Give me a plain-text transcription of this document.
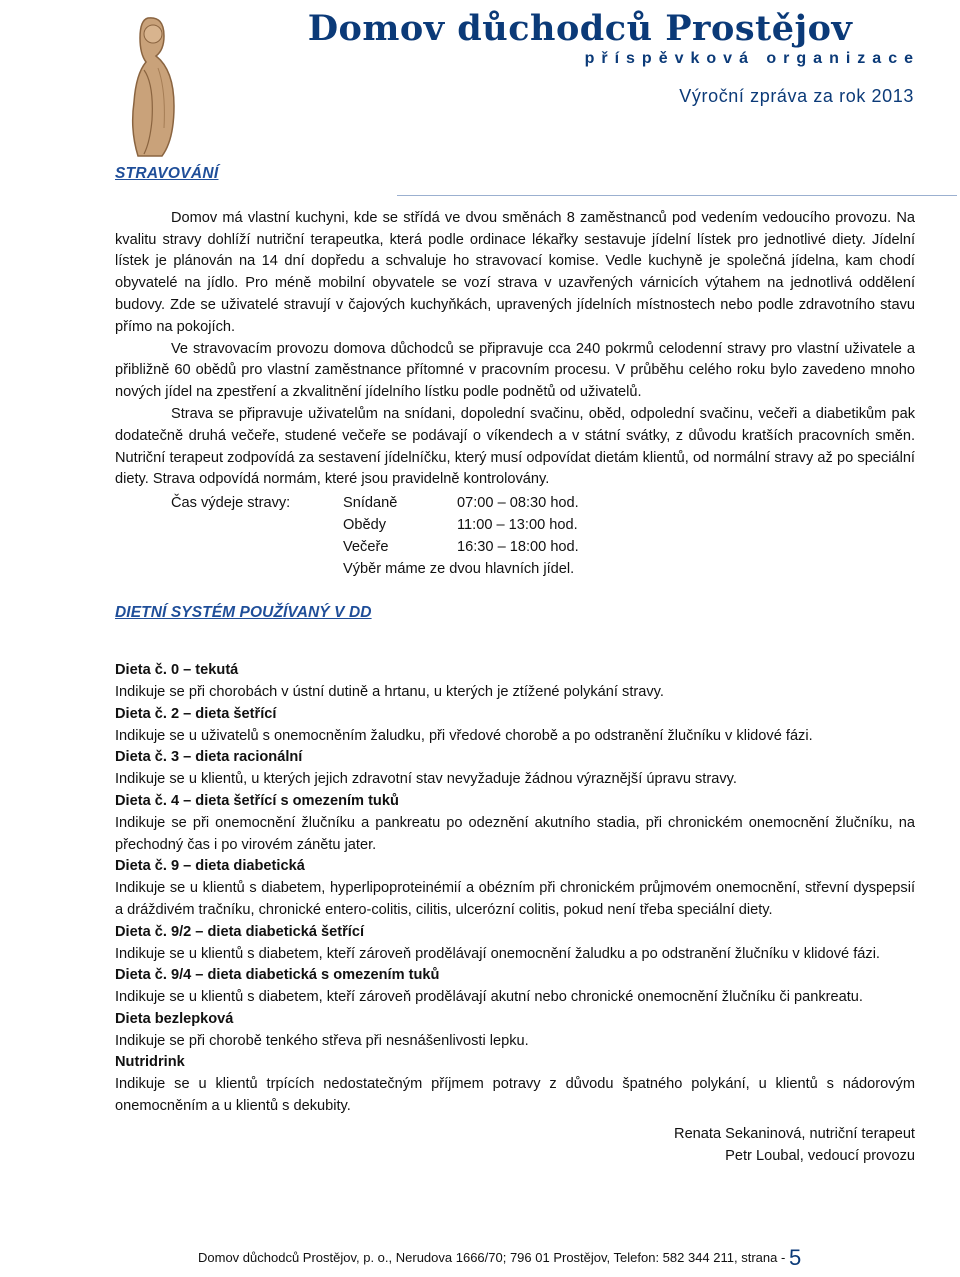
Domov důchodců Prostějov
příspěvková organizace
Výroční zpráva za rok 2013
STRAVOVÁNÍ

Domov má vlastní kuchyni, kde se střídá ve dvou směnách 8 zaměstnanců pod vedením vedoucího provozu. Na kvalitu stravy dohlíží nutriční terapeutka, která podle ordinace lékařky sestavuje jídelní lístek pro jednotlivé diety. Jídelní lístek je plánován na 14 dní dopředu a schvaluje ho stravovací komise. Vedle kuchyně je společná jídelna, kam chodí obyvatelé na jídlo. Pro méně mobilní obyvatele se vozí strava v uzavřených várnicích výtahem na jednotlivá oddělení budovy. Zde se uživatelé stravují v čajových kuchyňkách, upravených jídelních místnostech nebo podle zdravotního stavu přímo na pokojích.

Ve stravovacím provozu domova důchodců se připravuje cca 240 pokrmů celodenní stravy pro vlastní uživatele a přibližně 60 obědů pro vlastní zaměstnance přítomné v pracovním procesu. V průběhu celého roku bylo zavedeno mnoho nových jídel na zpestření a zkvalitnění jídelního lístku podle podnětů od uživatelů.

Strava se připravuje uživatelům na snídani, dopolední svačinu, oběd, odpolední svačinu, večeři a diabetikům pak dodatečně druhá večeře, studené večeře se podávají o víkendech a v státní svátky, z důvodu kratších pracovních směn. Nutriční terapeut zodpovídá za sestavení jídelníčku, který musí odpovídat dietám klientů, od normální stravy až po speciální diety. Strava odpovídá normám, které jsou pravidelně kontrolovány.

Čas výdeje stravy:	Snídaně	07:00 – 08:30 hod.
Obědy	11:00 – 13:00 hod.
Večeře	16:30 – 18:00 hod.
Výběr máme ze dvou hlavních jídel.
DIETNÍ SYSTÉM POUŽÍVANÝ V DD
Dieta č. 0 – tekutá

Indikuje se při chorobách v ústní dutině a hrtanu, u kterých je ztížené polykání stravy.

Dieta č. 2 – dieta šetřící

Indikuje se u uživatelů s onemocněním žaludku, při vředové chorobě a po odstranění žlučníku v klidové fázi.

Dieta č. 3 – dieta racionální

Indikuje se u klientů, u kterých jejich zdravotní stav nevyžaduje žádnou výraznější úpravu stravy.

Dieta č. 4 – dieta šetřící s omezením tuků

Indikuje se při onemocnění žlučníku a pankreatu po odeznění akutního stadia, při chronickém onemocnění žlučníku, na přechodný čas i po virovém zánětu jater.

Dieta č. 9 – dieta diabetická

Indikuje se u klientů s diabetem, hyperlipoproteinémií a obézním při chronickém průjmovém onemocnění, střevní dyspepsií a dráždivém tračníku, chronické entero-colitis, cilitis, ulcerózní colitis, pokud není třeba speciální diety.

Dieta č. 9/2 – dieta diabetická šetřící

Indikuje se u klientů s diabetem, kteří zároveň prodělávají onemocnění žaludku a po odstranění žlučníku v klidové fázi.

Dieta č. 9/4 – dieta diabetická s omezením tuků

Indikuje se u klientů s diabetem, kteří zároveň prodělávají akutní nebo chronické onemocnění žlučníku či pankreatu.

Dieta bezlepková

Indikuje se při chorobě tenkého střeva při nesnášenlivosti lepku.

Nutridrink

Indikuje se u klientů trpících nedostatečným příjmem potravy z důvodu špatného polykání, u klientů s nádorovým onemocněním a u klientů s dekubity.

Renata Sekaninová, nutriční terapeut
Petr Loubal, vedoucí provozu
Domov důchodců Prostějov, p. o., Nerudova 1666/70; 796 01 Prostějov, Telefon: 582 344 211, strana - 5
